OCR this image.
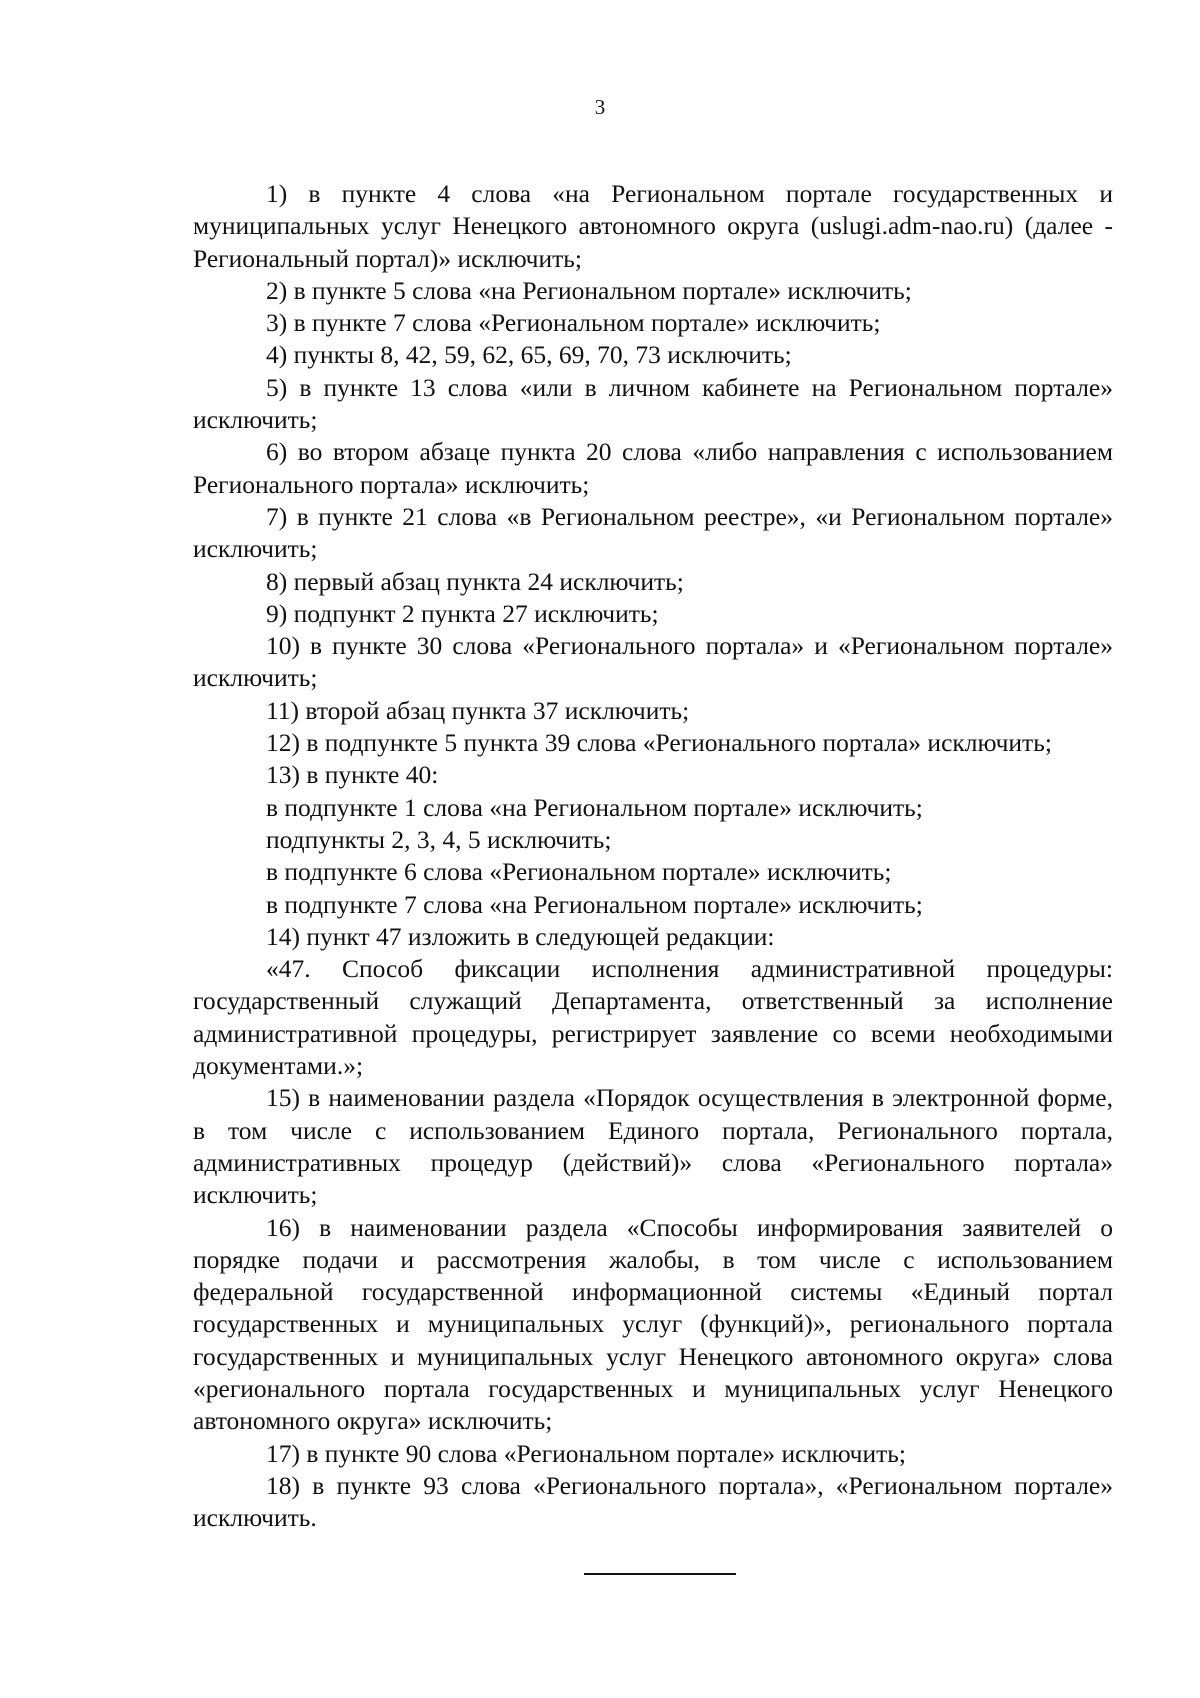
3

1) в пункте 4 слова «на Региональном портале государственных и муниципальных услуг Ненецкого автономного округа (uslugi.adm-nao.ru) (далее - Региональный портал)» исключить;

2) в пункте 5 слова «на Региональном портале» исключить;

3) в пункте 7 слова «Региональном портале» исключить;

4) пункты 8, 42, 59, 62, 65, 69, 70, 73 исключить;

5) в пункте 13 слова «или в личном кабинете на Региональном портале» исключить;

6) во втором абзаце пункта 20 слова «либо направления с использованием Регионального портала» исключить;

7) в пункте 21 слова «в Региональном реестре», «и Региональном портале» исключить;

8) первый абзац пункта 24 исключить;

9) подпункт 2 пункта 27 исключить;

10) в пункте 30 слова «Регионального портала» и «Региональном портале» исключить;

11) второй абзац пункта 37 исключить;

12) в подпункте 5 пункта 39 слова «Регионального портала» исключить;

13) в пункте 40:

в подпункте 1 слова «на Региональном портале» исключить;

подпункты 2, 3, 4, 5 исключить;

в подпункте 6 слова «Региональном портале» исключить;

в подпункте 7 слова «на Региональном портале» исключить;

14) пункт 47 изложить в следующей редакции:

«47. Способ фиксации исполнения административной процедуры: государственный служащий Департамента, ответственный за исполнение административной процедуры, регистрирует заявление со всеми необходимыми документами.»;

15) в наименовании раздела «Порядок осуществления в электронной форме, в том числе с использованием Единого портала, Регионального портала, административных процедур (действий)» слова «Регионального портала» исключить;

16) в наименовании раздела «Способы информирования заявителей о порядке подачи и рассмотрения жалобы, в том числе с использованием федеральной государственной информационной системы «Единый портал государственных и муниципальных услуг (функций)», регионального портала государственных и муниципальных услуг Ненецкого автономного округа» слова «регионального портала государственных и муниципальных услуг Ненецкого автономного округа» исключить;

17) в пункте 90 слова «Региональном портале» исключить;

18) в пункте 93 слова «Регионального портала», «Региональном портале» исключить.
